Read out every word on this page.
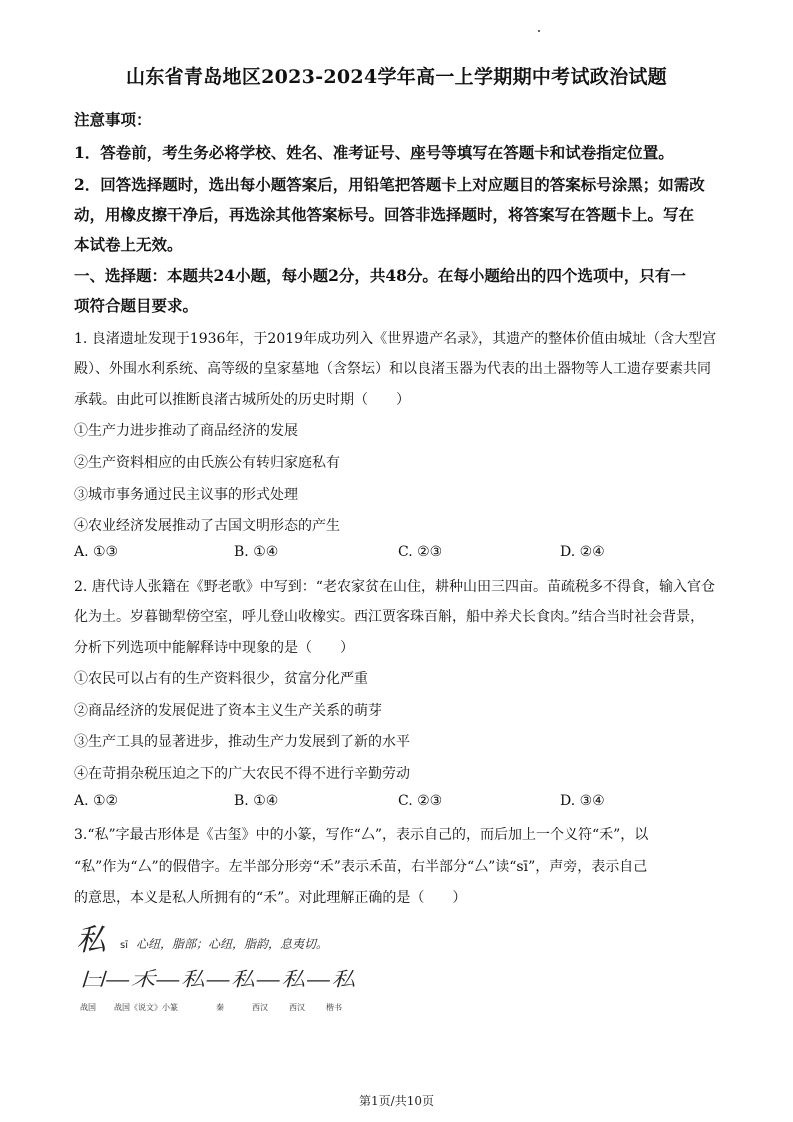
山东省青岛地区2023-2024学年高一上学期期中考试政治试题
注意事项：
1．答卷前，考生务必将学校、姓名、准考证号、座号等填写在答题卡和试卷指定位置。
2．回答选择题时，选出每小题答案后，用铅笔把答题卡上对应题目的答案标号涂黑；如需改
动，用橡皮擦干净后，再选涂其他答案标号。回答非选择题时，将答案写在答题卡上。写在
本试卷上无效。
一、选择题：本题共24小题，每小题2分，共48分。在每小题给出的四个选项中，只有一
项符合题目要求。
1. 良渚遗址发现于1936年，于2019年成功列入《世界遗产名录》，其遗产的整体价值由城址（含大型宫
殿）、外围水利系统、高等级的皇家墓地（含祭坛）和以良渚玉器为代表的出土器物等人工遗存要素共同
承载。由此可以推断良渚古城所处的历史时期（　　）
①生产力进步推动了商品经济的发展
②生产资料相应的由氏族公有转归家庭私有
③城市事务通过民主议事的形式处理
④农业经济发展推动了古国文明形态的产生
A. ①③	B. ①④	C. ②③	D. ②④
2. 唐代诗人张籍在《野老歌》中写到：“老农家贫在山住，耕种山田三四亩。苗疏税多不得食，输入官仓
化为土。岁暮锄犁傍空室，呼儿登山收橡实。西江贾客珠百斛，船中养犬长食肉。”结合当时社会背景，
分析下列选项中能解释诗中现象的是（　　）
①农民可以占有的生产资料很少，贫富分化严重
②商品经济的发展促进了资本主义生产关系的萌芽
③生产工具的显著进步，推动生产力发展到了新的水平
④在苛捐杂税压迫之下的广大农民不得不进行辛勤劳动
A. ①②	B. ①④	C. ②③	D. ③④
3.“私”字最古形体是《古玺》中的小篆，写作“厶”，表示自己的，而后加上一个义符“禾”，以
“私”作为“厶”的假借字。左半部分形旁“禾”表示禾苗，右半部分“厶”读“sī”，声旁，表示自己
的意思，本义是私人所拥有的“禾”。对此理解正确的是（　　）
私 sī 心纽，脂部；心纽，脂韵，息夷切。
𠙵—𥝌—私—私—私—私
战国 战国《说文》小篆	秦	西汉	西汉	楷书
第1页/共10页
